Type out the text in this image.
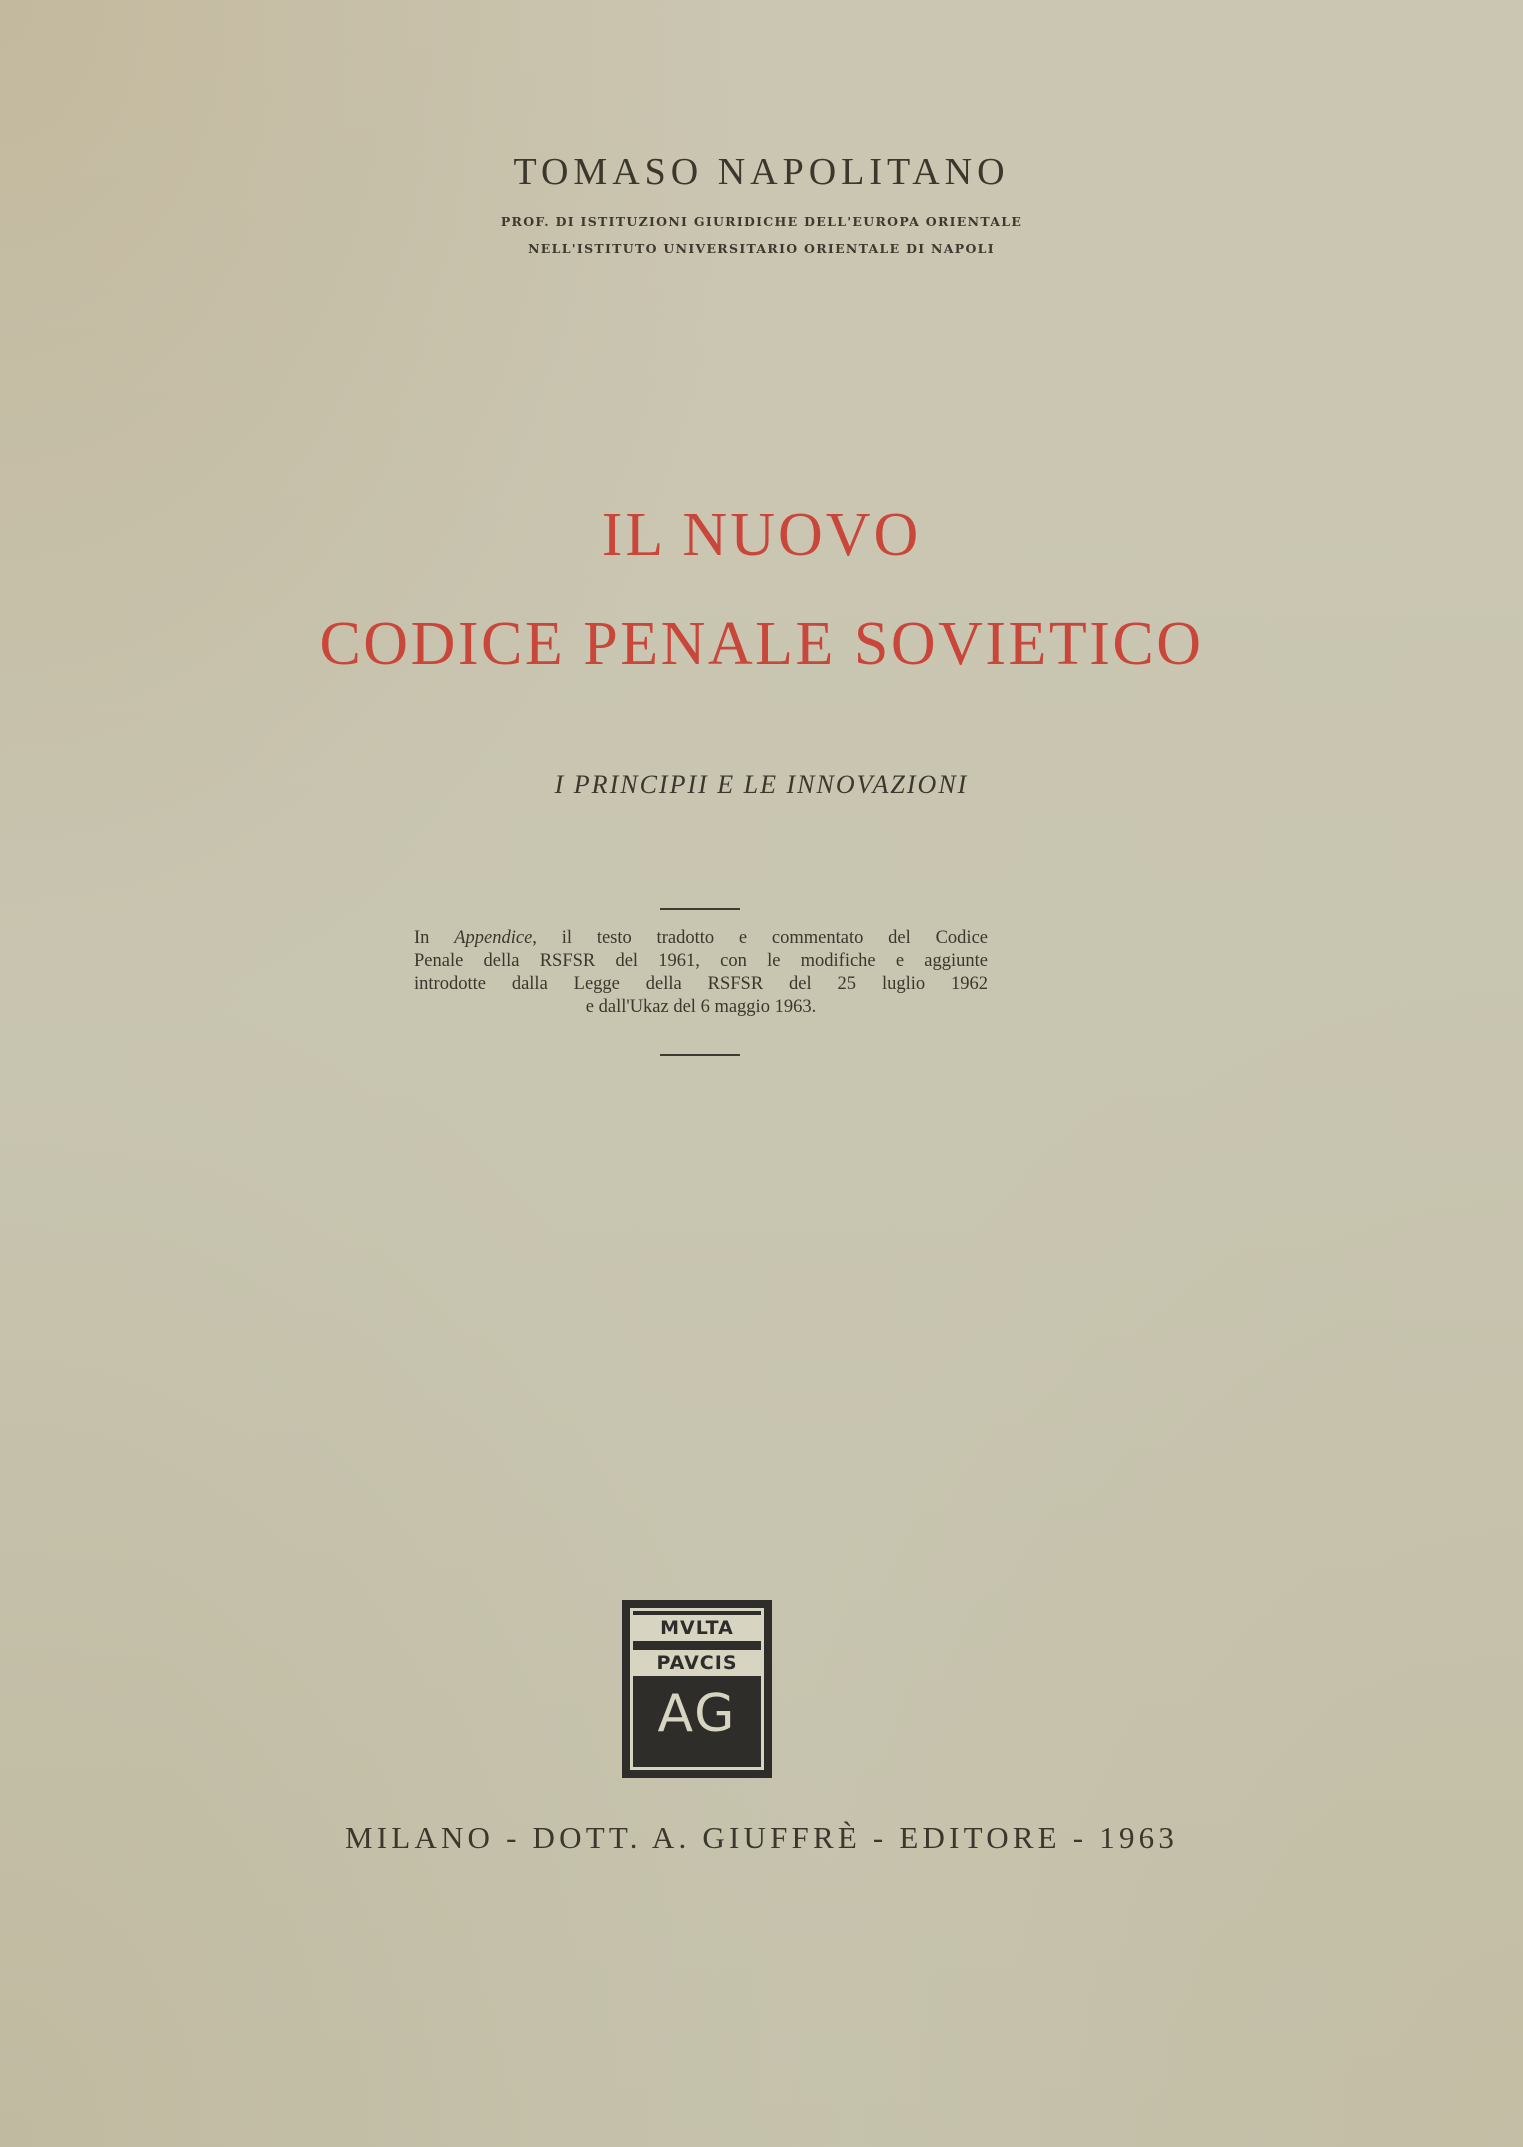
TOMASO NAPOLITANO
PROF. DI ISTITUZIONI GIURIDICHE DELL'EUROPA ORIENTALE
NELL'ISTITUTO UNIVERSITARIO ORIENTALE DI NAPOLI
IL NUOVO
CODICE PENALE SOVIETICO
I PRINCIPII E LE INNOVAZIONI
In Appendice, il testo tradotto e commentato del Codice
Penale della RSFSR del 1961, con le modifiche e aggiunte
introdotte dalla Legge della RSFSR del 25 luglio 1962
e dall'Ukaz del 6 maggio 1963.
MVLTA
PAVCIS
AG
MILANO - DOTT. A. GIUFFRÈ - EDITORE - 1963
